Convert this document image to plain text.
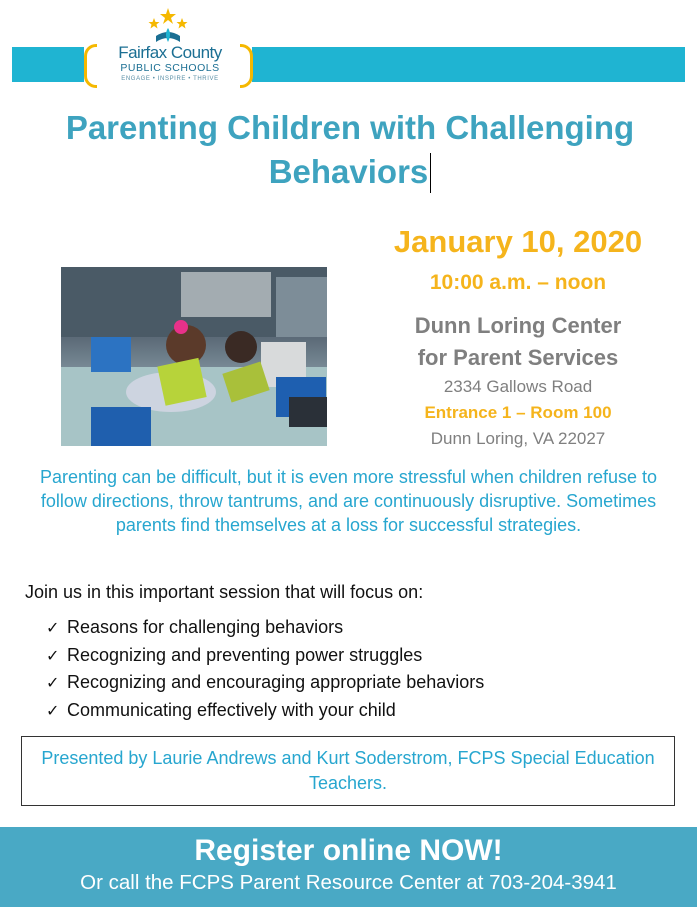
Fairfax County
PUBLIC SCHOOLS
ENGAGE • INSPIRE • THRIVE
Parenting Children with Challenging
Behaviors
January 10, 2020
10:00 a.m. – noon
Dunn Loring Center
for Parent Services
2334 Gallows Road
Entrance 1 – Room 100
Dunn Loring, VA 22027

Parenting can be difficult, but it is even more stressful when children refuse to follow directions, throw tantrums, and are continuously disruptive. Sometimes parents find themselves at a loss for successful strategies.

Join us in this important session that will focus on:

✓ Reasons for challenging behaviors
✓ Recognizing and preventing power struggles
✓ Recognizing and encouraging appropriate behaviors
✓ Communicating effectively with your child

Presented by Laurie Andrews and Kurt Soderstrom, FCPS Special Education Teachers.

Register online NOW!
Or call the FCPS Parent Resource Center at 703-204-3941
